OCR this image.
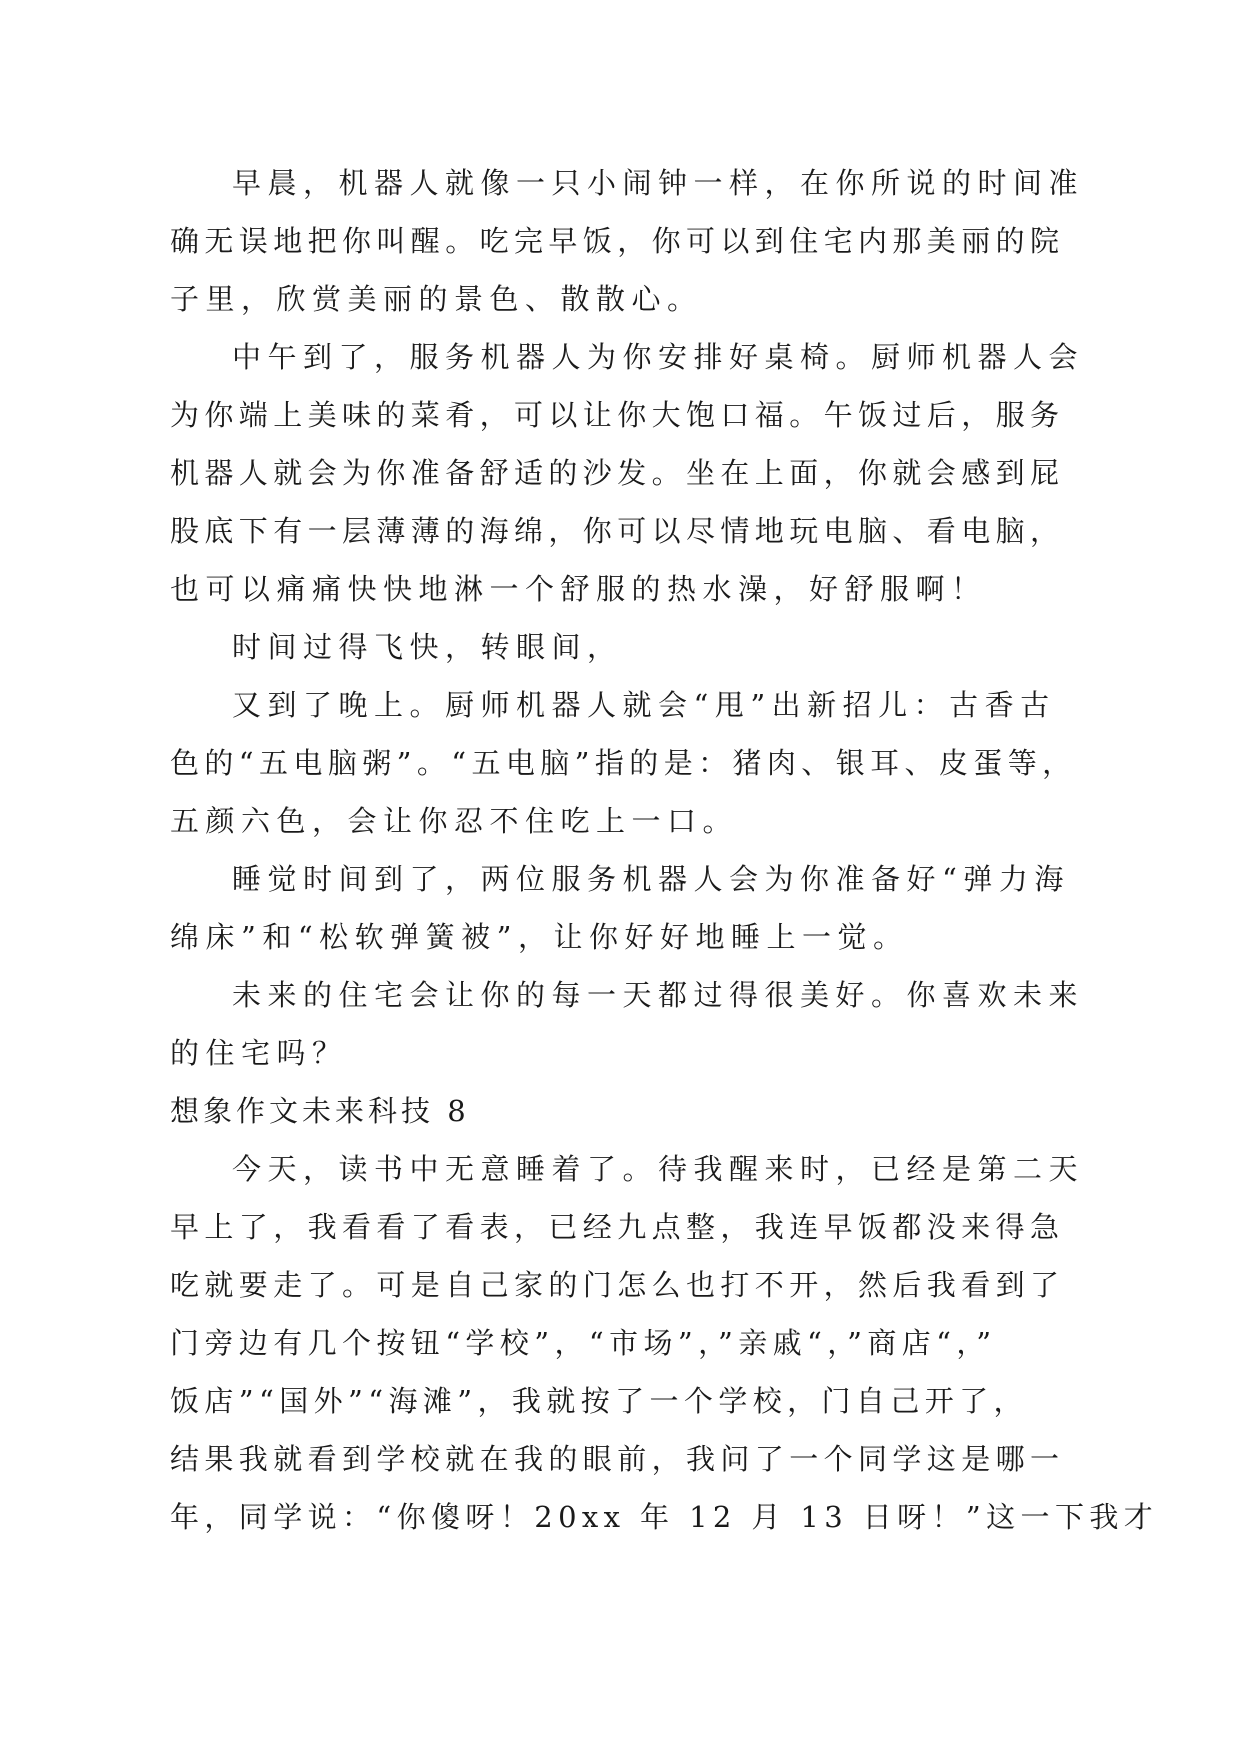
早晨，机器人就像一只小闹钟一样，在你所说的时间准
确无误地把你叫醒。吃完早饭，你可以到住宅内那美丽的院
子里，欣赏美丽的景色、散散心。
中午到了，服务机器人为你安排好桌椅。厨师机器人会
为你端上美味的菜肴，可以让你大饱口福。午饭过后，服务
机器人就会为你准备舒适的沙发。坐在上面，你就会感到屁
股底下有一层薄薄的海绵，你可以尽情地玩电脑、看电脑，
也可以痛痛快快地淋一个舒服的热水澡，好舒服啊！
时间过得飞快，转眼间，
又到了晚上。厨师机器人就会“甩”出新招儿：古香古
色的“五电脑粥”。“五电脑”指的是：猪肉、银耳、皮蛋等，
五颜六色，会让你忍不住吃上一口。
睡觉时间到了，两位服务机器人会为你准备好“弹力海
绵床”和“松软弹簧被”，让你好好地睡上一觉。
未来的住宅会让你的每一天都过得很美好。你喜欢未来
的住宅吗？
想象作文未来科技 8
今天，读书中无意睡着了。待我醒来时，已经是第二天
早上了，我看看了看表，已经九点整，我连早饭都没来得急
吃就要走了。可是自己家的门怎么也打不开，然后我看到了
门旁边有几个按钮“学校”，“市场”，”亲戚“，”商店“，”
饭店”“国外”“海滩”，我就按了一个学校，门自己开了，
结果我就看到学校就在我的眼前，我问了一个同学这是哪一
年，同学说：“你傻呀！20xx 年 12 月 13 日呀！”这一下我才
